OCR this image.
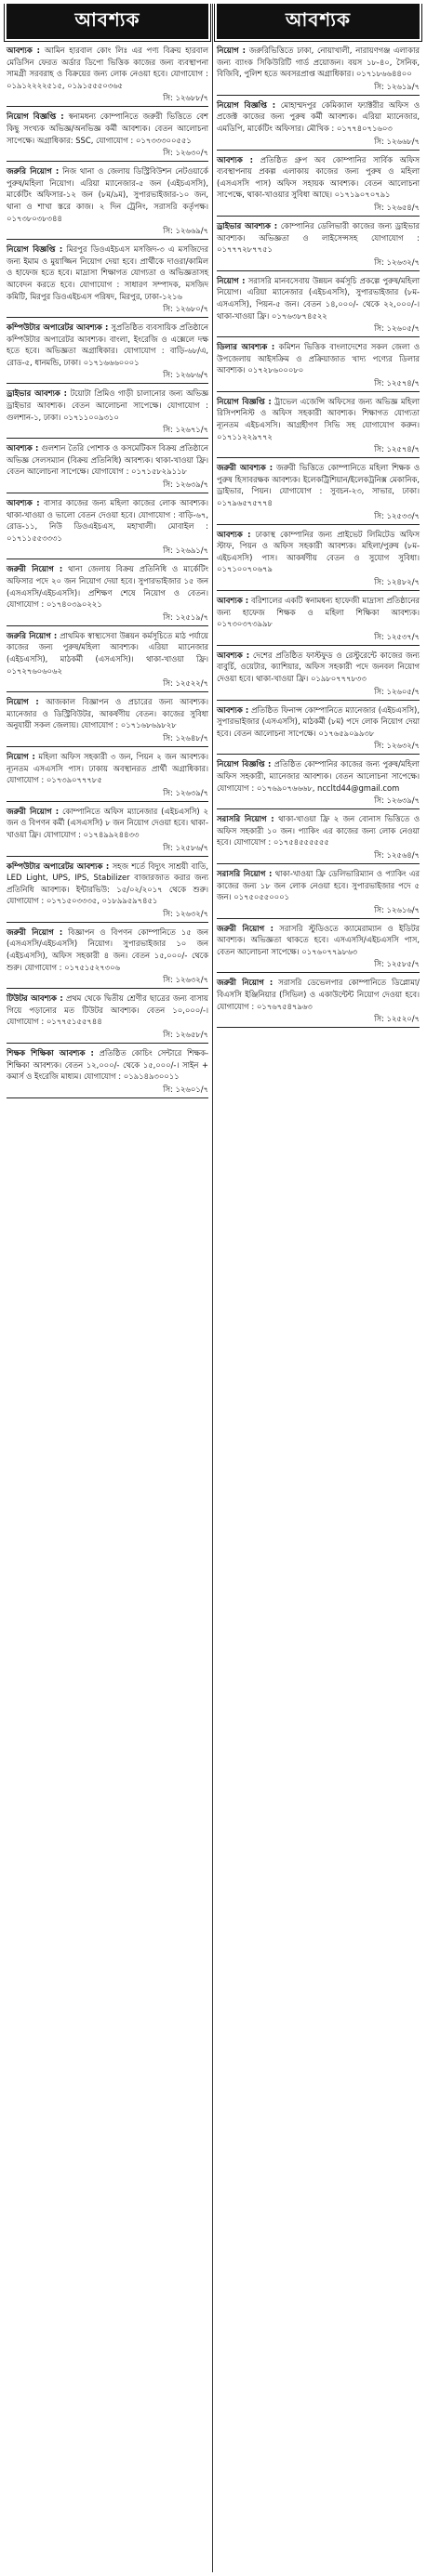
আবশ্যক

আবশ্যক : আমিন হারবাল কোং লিঃ এর পণ্য বিক্রয় হারবাল মেডিসিন ফেরত অর্ডার ডিপো ভিত্তিক কাজের জন্য ব্যবস্থাপনা সামগ্রী সরবরাহ ও বিক্রয়ের জন্য লোক নেওয়া হবে। যোগাযোগ : ০১৯১২২২২৫১৫, ০১৯১৫৫৫০৩৬৫

সি: ১২৬৮৮/৭

নিয়োগ বিজ্ঞপ্তি : স্বনামধন্য কোম্পানিতে জরুরী ভিত্তিতে বেশ কিছু সংখ্যক অভিজ্ঞ/অনভিজ্ঞ কর্মী আবশ্যক। বেতন আলোচনা সাপেক্ষে। অগ্রাধিকার: SSC, যোগাযোগ : ০১৭৩৩৩০০৫৫১

সি: ১২৬৩০/৭

জরুরি নিয়োগ : নিজ থানা ও জেলায় ডিস্ট্রিবিউশন নেটওয়ার্কে পুরুষ/মহিলা নিয়োগ। এরিয়া ম্যানেজার-৫ জন (এইচএসসি), মার্কেটিং অফিসার-১২ জন (৮ম/৯ম), সুপারভাইজার-১০ জন, থানা ও শাখা স্তরে কাজ। ২ দিন ট্রেনিং, সরাসরি কর্তৃপক্ষ। ০১৭৩৮০৩৮৩৪৪

সি: ১২৬৬৯/৭

নিয়োগ বিজ্ঞপ্তি : মিরপুর ডিওএইচএস মসজিদ-৩ এ মসজিদের জন্য ইমাম ও মুয়াজ্জিন নিয়োগ দেয়া হবে। প্রার্থীকে দাওরা/কামিল ও হাফেজ হতে হবে। মাদ্রাসা শিক্ষাগত যোগ্যতা ও অভিজ্ঞতাসহ আবেদন করতে হবে। যোগাযোগ : সাধারণ সম্পাদক, মসজিদ কমিটি, মিরপুর ডিওএইচএস পরিষদ, মিরপুর, ঢাকা-১২১৬

সি: ১২৬৮০/৭

কম্পিউটার অপারেটর আবশ্যক : সুপ্রতিষ্ঠিত ব্যবসায়িক প্রতিষ্ঠানে কম্পিউটার অপারেটর আবশ্যক। বাংলা, ইংরেজি ও এক্সেলে দক্ষ হতে হবে। অভিজ্ঞতা অগ্রাধিকার। যোগাযোগ : বাড়ি-৬৮/এ, রোড-৫, ধানমন্ডি, ঢাকা। ০১৭১৬৬৬০০০১

সি: ১২৬৮৬/৭

ড্রাইভার আবশ্যক : টয়োটা প্রিমিও গাড়ী চালানোর জন্য অভিজ্ঞ ড্রাইভার আবশ্যক। বেতন আলোচনা সাপেক্ষে। যোগাযোগ : গুলশান-১, ঢাকা। ০১৭১১০০৯৩১০

সি: ১২৬৭১/৭

আবশ্যক : গুলশান তৈরি পোশাক ও কসমেটিকস বিক্রয় প্রতিষ্ঠানে অভিজ্ঞ সেলসম্যান (বিক্রয় প্রতিনিধি) আবশ্যক। থাকা-খাওয়া ফ্রি। বেতন আলোচনা সাপেক্ষে। যোগাযোগ : ০১৭১৫৮২৯১১৮

সি: ১২৬৩৯/৭

আবশ্যক : বাসার কাজের জন্য মহিলা কাজের লোক আবশ্যক। থাকা-খাওয়া ও ভালো বেতন দেওয়া হবে। যোগাযোগ : বাড়ি-৬৭, রোড-১১, নিউ ডিওএইচএস, মহাখালী। মোবাইল : ০১৭১১৫৫৩৩৩১

সি: ১২৬৯১/৭

জরুরী নিয়োগ : থানা জেলায় বিক্রয় প্রতিনিধি ও মার্কেটিং অফিসার পদে ২০ জন নিয়োগ দেয়া হবে। সুপারভাইজার ১৫ জন (এসএসসি/এইচএসসি)। প্রশিক্ষণ শেষে নিয়োগ ও বেতন। যোগাযোগ : ০১৭৪০৩৯০২২১

সি: ১২৫১৯/৭

জরুরি নিয়োগ : প্রাথমিক স্বাস্থ্যসেবা উন্নয়ন কর্মসূচিতে মাঠ পর্যায়ে কাজের জন্য পুরুষ/মহিলা আবশ্যক। এরিয়া ম্যানেজার (এইচএসসি), মাঠকর্মী (এসএসসি)। থাকা-খাওয়া ফ্রি। ০১৭২৭৬০৬০৬২

সি: ১২৫২২/৭

নিয়োগ : আজকাল বিজ্ঞাপন ও প্রচারের জন্য আবশ্যক। ম্যানেজার ও ডিস্ট্রিবিউটর, আকর্ষণীয় বেতন। কাজের সুবিধা অনুযায়ী সকল জেলায়। যোগাযোগ : ০১৭১৬৮৬৯৮২৮

সি: ১২৬৪৮/৭

নিয়োগ : মহিলা অফিস সহকারী ৩ জন, পিয়ন ২ জন আবশ্যক। ন্যূনতম এসএসসি পাস। ঢাকায় অবস্থানরত প্রার্থী অগ্রাধিকার। যোগাযোগ : ০১৭৩৯০৭৭৭৮৫

সি: ১২৬৩৯/৭

জরুরী নিয়োগ : কোম্পানিতে অফিস ম্যানেজার (এইচএসসি) ২ জন ও বিপণন কর্মী (এসএসসি) ৮ জন নিয়োগ দেওয়া হবে। থাকা-খাওয়া ফ্রি। যোগাযোগ : ০১৭৪৯৯২৪৪৩৩

সি: ১২৫৮৬/৭

কম্পিউটার অপারেটর আবশ্যক : সহজ শর্তে বিদ্যুৎ সাশ্রয়ী বাতি, LED Light, UPS, IPS, Stabilizer বাজারজাত করার জন্য প্রতিনিধি আবশ্যক। ইন্টারভিউ: ১৫/০২/২০১৭ থেকে শুরু। যোগাযোগ : ০১৭১৫০৩৩৩৫, ০১৮৯৯৫৯৭৪৫১

সি: ১২৬৩২/৭

জরুরী নিয়োগ : বিজ্ঞাপন ও বিপণন কোম্পানিতে ১৫ জন (এসএসসি/এইচএসসি) নিয়োগ। সুপারভাইজার ১০ জন (এইচএসসি), অফিস সহকারী ৪ জন। বেতন ১৫,০০০/- থেকে শুরু। যোগাযোগ : ০১৭৫১৫২৭৩০৬

সি: ১২৬৩২/৭

টিউটর আবশ্যক : প্রথম থেকে দ্বিতীয় শ্রেণীর ছাত্রের জন্য বাসায় গিয়ে পড়ানোর মত টিউটর আবশ্যক। বেতন ১০,০০০/-। যোগাযোগ : ০১৭৭৫১৫৫৭৪৪

সি: ১২৬৫৮/৭

শিক্ষক শিক্ষিকা আবশ্যক : প্রতিষ্ঠিত কোচিং সেন্টারে শিক্ষক-শিক্ষিকা আবশ্যক। বেতন ১২,০০০/- থেকে ১৫,০০০/-। সাইন + কমার্স ও ইংরেজি মাধ্যম। যোগাযোগ : ০১৯১৪৯৩০০১১

সি: ১২৬০১/৭
আবশ্যক

নিয়োগ : জরুরিভিত্তিতে ঢাকা, নোয়াখালী, নারায়ণগঞ্জ এলাকার জন্য ব্যাংক সিকিউরিটি গার্ড প্রয়োজন। বয়স ১৮-৪০, সৈনিক, বিজিবি, পুলিশ হতে অবসরপ্রাপ্ত অগ্রাধিকার। ০১৭১৮৬৬৪৪০০

সি: ১২৬১৯/৭

নিয়োগ বিজ্ঞপ্তি : মোহাম্মদপুর কেমিক্যাল ফ্যাক্টরীর অফিস ও প্রজেক্ট কাজের জন্য পুরুষ কর্মী আবশ্যক। এরিয়া ম্যানেজার, এমডিপি, মার্কেটিং অফিসার। মৌখিক : ০১৭৭৪০৭১৬০৩

সি: ১২৬৬৮/৭

আবশ্যক : প্রতিষ্ঠিত গ্রুপ অব কোম্পানির সার্বিক অফিস ব্যবস্থাপনায় প্রকল্প এলাকায় কাজের জন্য পুরুষ ও মহিলা (এসএসসি পাস) অফিস সহায়ক আবশ্যক। বেতন আলোচনা সাপেক্ষে, থাকা-খাওয়ার সুবিধা আছে। ০১৭১৯০৭০৭৯১

সি: ১২৬৫৪/৭

ড্রাইভার আবশ্যক : কোম্পানির ডেলিভারী কাজের জন্য ড্রাইভার আবশ্যক। অভিজ্ঞতা ও লাইসেন্সসহ যোগাযোগ : ০১৭৭৭২৮৭৭৫১

সি: ১২৬৩২/৭

নিয়োগ : সরাসরি মানবসেবায় উন্নয়ন কর্মসূচি প্রকল্পে পুরুষ/মহিলা নিয়োগ। এরিয়া ম্যানেজার (এইচএসসি), সুপারভাইজার (৮ম-এসএসসি), পিয়ন-৫ জন। বেতন ১৪,০০০/- থেকে ২২,০০০/-। থাকা-খাওয়া ফ্রি। ০১৭৬৩৮৭৪৫২২

সি: ১২৬০৫/৭

ডিলার আবশ্যক : কমিশন ভিত্তিক বাংলাদেশের সকল জেলা ও উপজেলায় আইসক্রিম ও প্রক্রিয়াজাত খাদ্য পণ্যের ডিলার আবশ্যক। ০১৭২৮৬০০০৮০

সি: ১২৫৭৪/৭

নিয়োগ বিজ্ঞপ্তি : ট্রাভেল এজেন্সি অফিসের জন্য অভিজ্ঞ মহিলা রিসিপশনিস্ট ও অফিস সহকারী আবশ্যক। শিক্ষাগত যোগ্যতা ন্যূনতম এইচএসসি। আগ্রহীগণ সিভি সহ যোগাযোগ করুন। ০১৭১১২২৯৭৭২

সি: ১২৫৭৪/৭

জরুরী আবশ্যক : জরুরী ভিত্তিতে কোম্পানিতে মহিলা শিক্ষক ও পুরুষ হিসাবরক্ষক আবশ্যক। ইলেকট্রিশিয়ান/ইলেকট্রনিক্স মেকানিক, ড্রাইভার, পিয়ন। যোগাযোগ : সুবচন-২৩, সাভার, ঢাকা। ০১৭৯৬৫৭৫৭৭৪

সি: ১২৫৩৩/৭

আবশ্যক : ঢাকাস্থ কোম্পানির জন্য প্রাইভেট লিমিটেড অফিস স্টাফ, পিয়ন ও অফিস সহকারী আবশ্যক। মহিলা/পুরুষ (৮ম-এইচএসসি) পাস। আকর্ষণীয় বেতন ও সুযোগ সুবিধা। ০১৭১০০৭০৬৭৯

সি: ১২৪৮২/৭

আবশ্যক : বরিশালের একটি স্বনামধন্য হাফেজী মাদ্রাসা প্রতিষ্ঠানের জন্য হাফেজ শিক্ষক ও মহিলা শিক্ষিকা আবশ্যক। ০১৭৩০৩৭৩৯৯৮

সি: ১২৫৩৭/৭

আবশ্যক : দেশের প্রতিষ্ঠিত ফাস্টফুড ও রেস্টুরেন্টে কাজের জন্য বাবুর্চি, ওয়েটার, ক্যাশিয়ার, অফিস সহকারী পদে জনবল নিয়োগ দেওয়া হবে। থাকা-খাওয়া ফ্রি। ০১৯৮০৭৭৭৮৩৩

সি: ১২৬০৫/৭

আবশ্যক : প্রতিষ্ঠিত ফিনান্স কোম্পানিতে ম্যানেজার (এইচএসসি), সুপারভাইজার (এসএসসি), মাঠকর্মী (৮ম) পদে লোক নিয়োগ দেয়া হবে। বেতন আলোচনা সাপেক্ষে। ০১৭৬৫৯০৯৯৩৮

সি: ১২৬৩২/৭

নিয়োগ বিজ্ঞপ্তি : প্রতিষ্ঠিত কোম্পানির কাজের জন্য পুরুষ/মহিলা অফিস সহকারী, ম্যানেজার আবশ্যক। বেতন আলোচনা সাপেক্ষে। যোগাযোগ : ০১৭৬৯০৭৬৬৬৮, nccltd44@gmail.com

সি: ১২৬৩৯/৭

সরাসরি নিয়োগ : থাকা-খাওয়া ফ্রি ২ জন বোনাস ভিত্তিতে ও অফিস সহকারী ১০ জন। প্যাকিং এর কাজের জন্য লোক নেওয়া হবে। যোগাযোগ : ০১৭৫৪৫৫৫৫৫৫

সি: ১২৫৬৪/৭

সরাসরি নিয়োগ : থাকা-খাওয়া ফ্রি ডেলিভারিম্যান ও প্যাকিং এর কাজের জন্য ১৮ জন লোক নেওয়া হবে। সুপারভাইজার পদে ৫ জন। ০১৭৫০৫৫০০০১

সি: ১২৬১৬/৭

জরুরী নিয়োগ : সরাসরি স্টুডিওতে ক্যামেরাম্যান ও ইডিটর আবশ্যক। অভিজ্ঞতা থাকতে হবে। এসএসসি/এইচএসসি পাস, বেতন আলোচনা সাপেক্ষে। ০১৭৬০৭৭৯৮৬৩

সি: ১২৫৮৫/৭

জরুরী নিয়োগ : সরাসরি ডেভেলপার কোম্পানিতে ডিপ্লোমা/বিএসসি ইঞ্জিনিয়ার (সিভিল) ও একাউন্টেন্ট নিয়োগ দেওয়া হবে। যোগাযোগ : ০১৭৬৭৫৪৭৯৬৩

সি: ১২৫২০/৭
